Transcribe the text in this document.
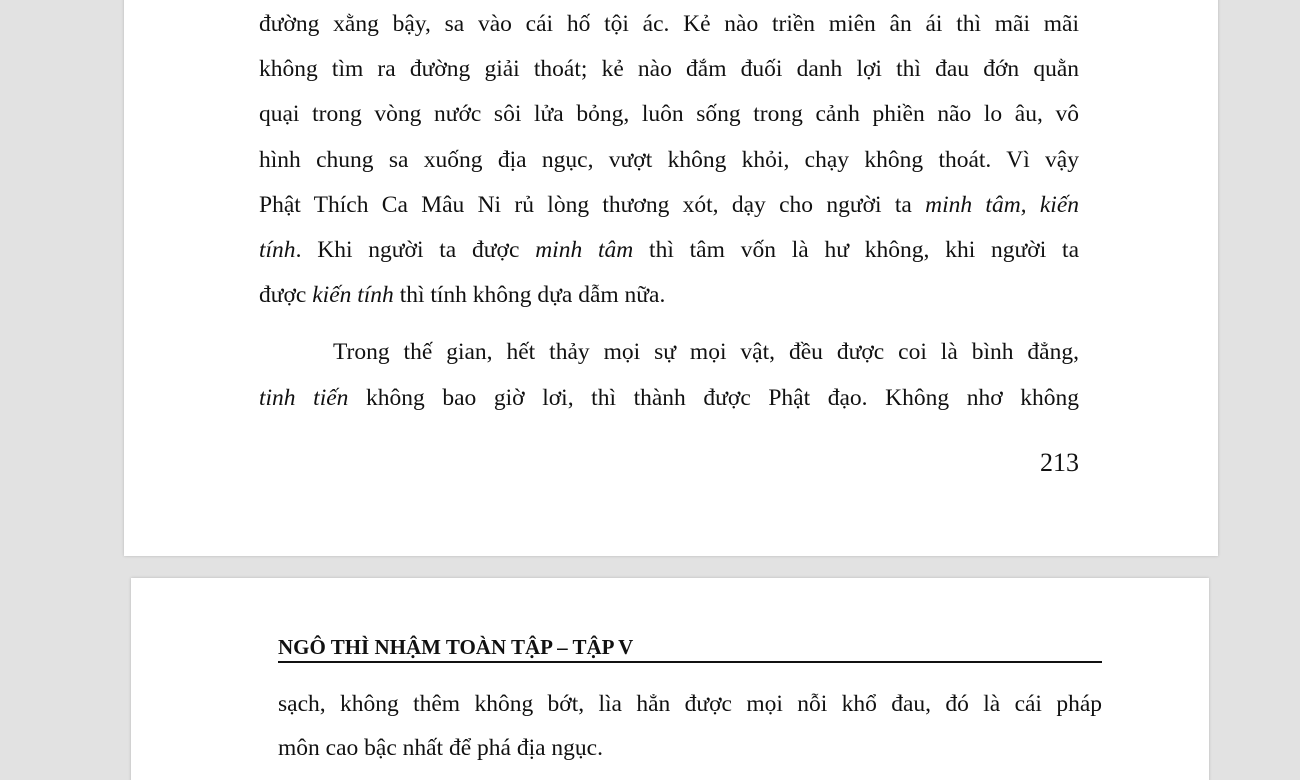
đường xằng bậy, sa vào cái hố tội ác. Kẻ nào triền miên ân ái thì mãi mãi
không tìm ra đường giải thoát; kẻ nào đắm đuối danh lợi thì đau đớn quằn
quại trong vòng nước sôi lửa bỏng, luôn sống trong cảnh phiền não lo âu, vô
hình chung sa xuống địa ngục, vượt không khỏi, chạy không thoát. Vì vậy
Phật Thích Ca Mâu Ni rủ lòng thương xót, dạy cho người ta minh tâm, kiến
tính. Khi người ta được minh tâm thì tâm vốn là hư không, khi người ta
được kiến tính thì tính không dựa dẫm nữa.
Trong thế gian, hết thảy mọi sự mọi vật, đều được coi là bình đẳng,
tinh tiến không bao giờ lơi, thì thành được Phật đạo. Không nhơ không
213
NGÔ THÌ NHẬM TOÀN TẬP – TẬP V
sạch, không thêm không bớt, lìa hẳn được mọi nỗi khổ đau, đó là cái pháp
môn cao bậc nhất để phá địa ngục.
